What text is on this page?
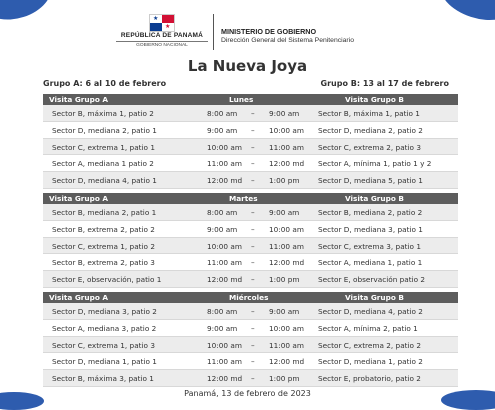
★
★
REPÚBLICA DE PANAMÁ
GOBIERNO NACIONAL
MINISTERIO DE GOBIERNO
Dirección General del Sistema Penitenciario
La Nueva Joya
Grupo A: 6 al 10 de febrero	Grupo B: 13 al 17 de febrero
Visita Grupo A	Lunes	Visita Grupo B
Sector B, máxima 1, patio 2	8:00 am – 9:00 am	Sector B, máxima 1, patio 1
Sector D, mediana 2, patio 1	9:00 am – 10:00 am Sector D, mediana 2, patio 2
Sector C, extrema 1, patio 1	10:00 am – 11:00 am Sector C, extrema 2, patio 3
Sector A, mediana 1 patio 2	11:00 am – 12:00 md Sector A, mínima 1, patio 1 y 2
Sector D, mediana 4, patio 1	12:00 md – 1:00 pm	Sector D, mediana 5, patio 1
Visita Grupo A	Martes	Visita Grupo B
Sector B, mediana 2, patio 1	8:00 am – 9:00 am	Sector B, mediana 2, patio 2
Sector B, extrema 2, patio 2	9:00 am – 10:00 am Sector D, mediana 3, patio 1
Sector C, extrema 1, patio 2	10:00 am – 11:00 am Sector C, extrema 3, patio 1
Sector B, extrema 2, patio 3	11:00 am – 12:00 md Sector A, mediana 1, patio 1
Sector E, observación, patio 1	12:00 md – 1:00 pm	Sector E, observación patio 2
Visita Grupo A	Miércoles	Visita Grupo B
Sector D, mediana 3, patio 2	8:00 am – 9:00 am	Sector D, mediana 4, patio 2
Sector A, mediana 3, patio 2	9:00 am – 10:00 am Sector A, mínima 2, patio 1
Sector C, extrema 1, patio 3	10:00 am – 11:00 am Sector C, extrema 2, patio 2
Sector D, mediana 1, patio 1	11:00 am – 12:00 md Sector D, mediana 1, patio 2
Sector B, máxima 3, patio 1	12:00 md – 1:00 pm	Sector E, probatorio, patio 2
Panamá, 13 de febrero de 2023
